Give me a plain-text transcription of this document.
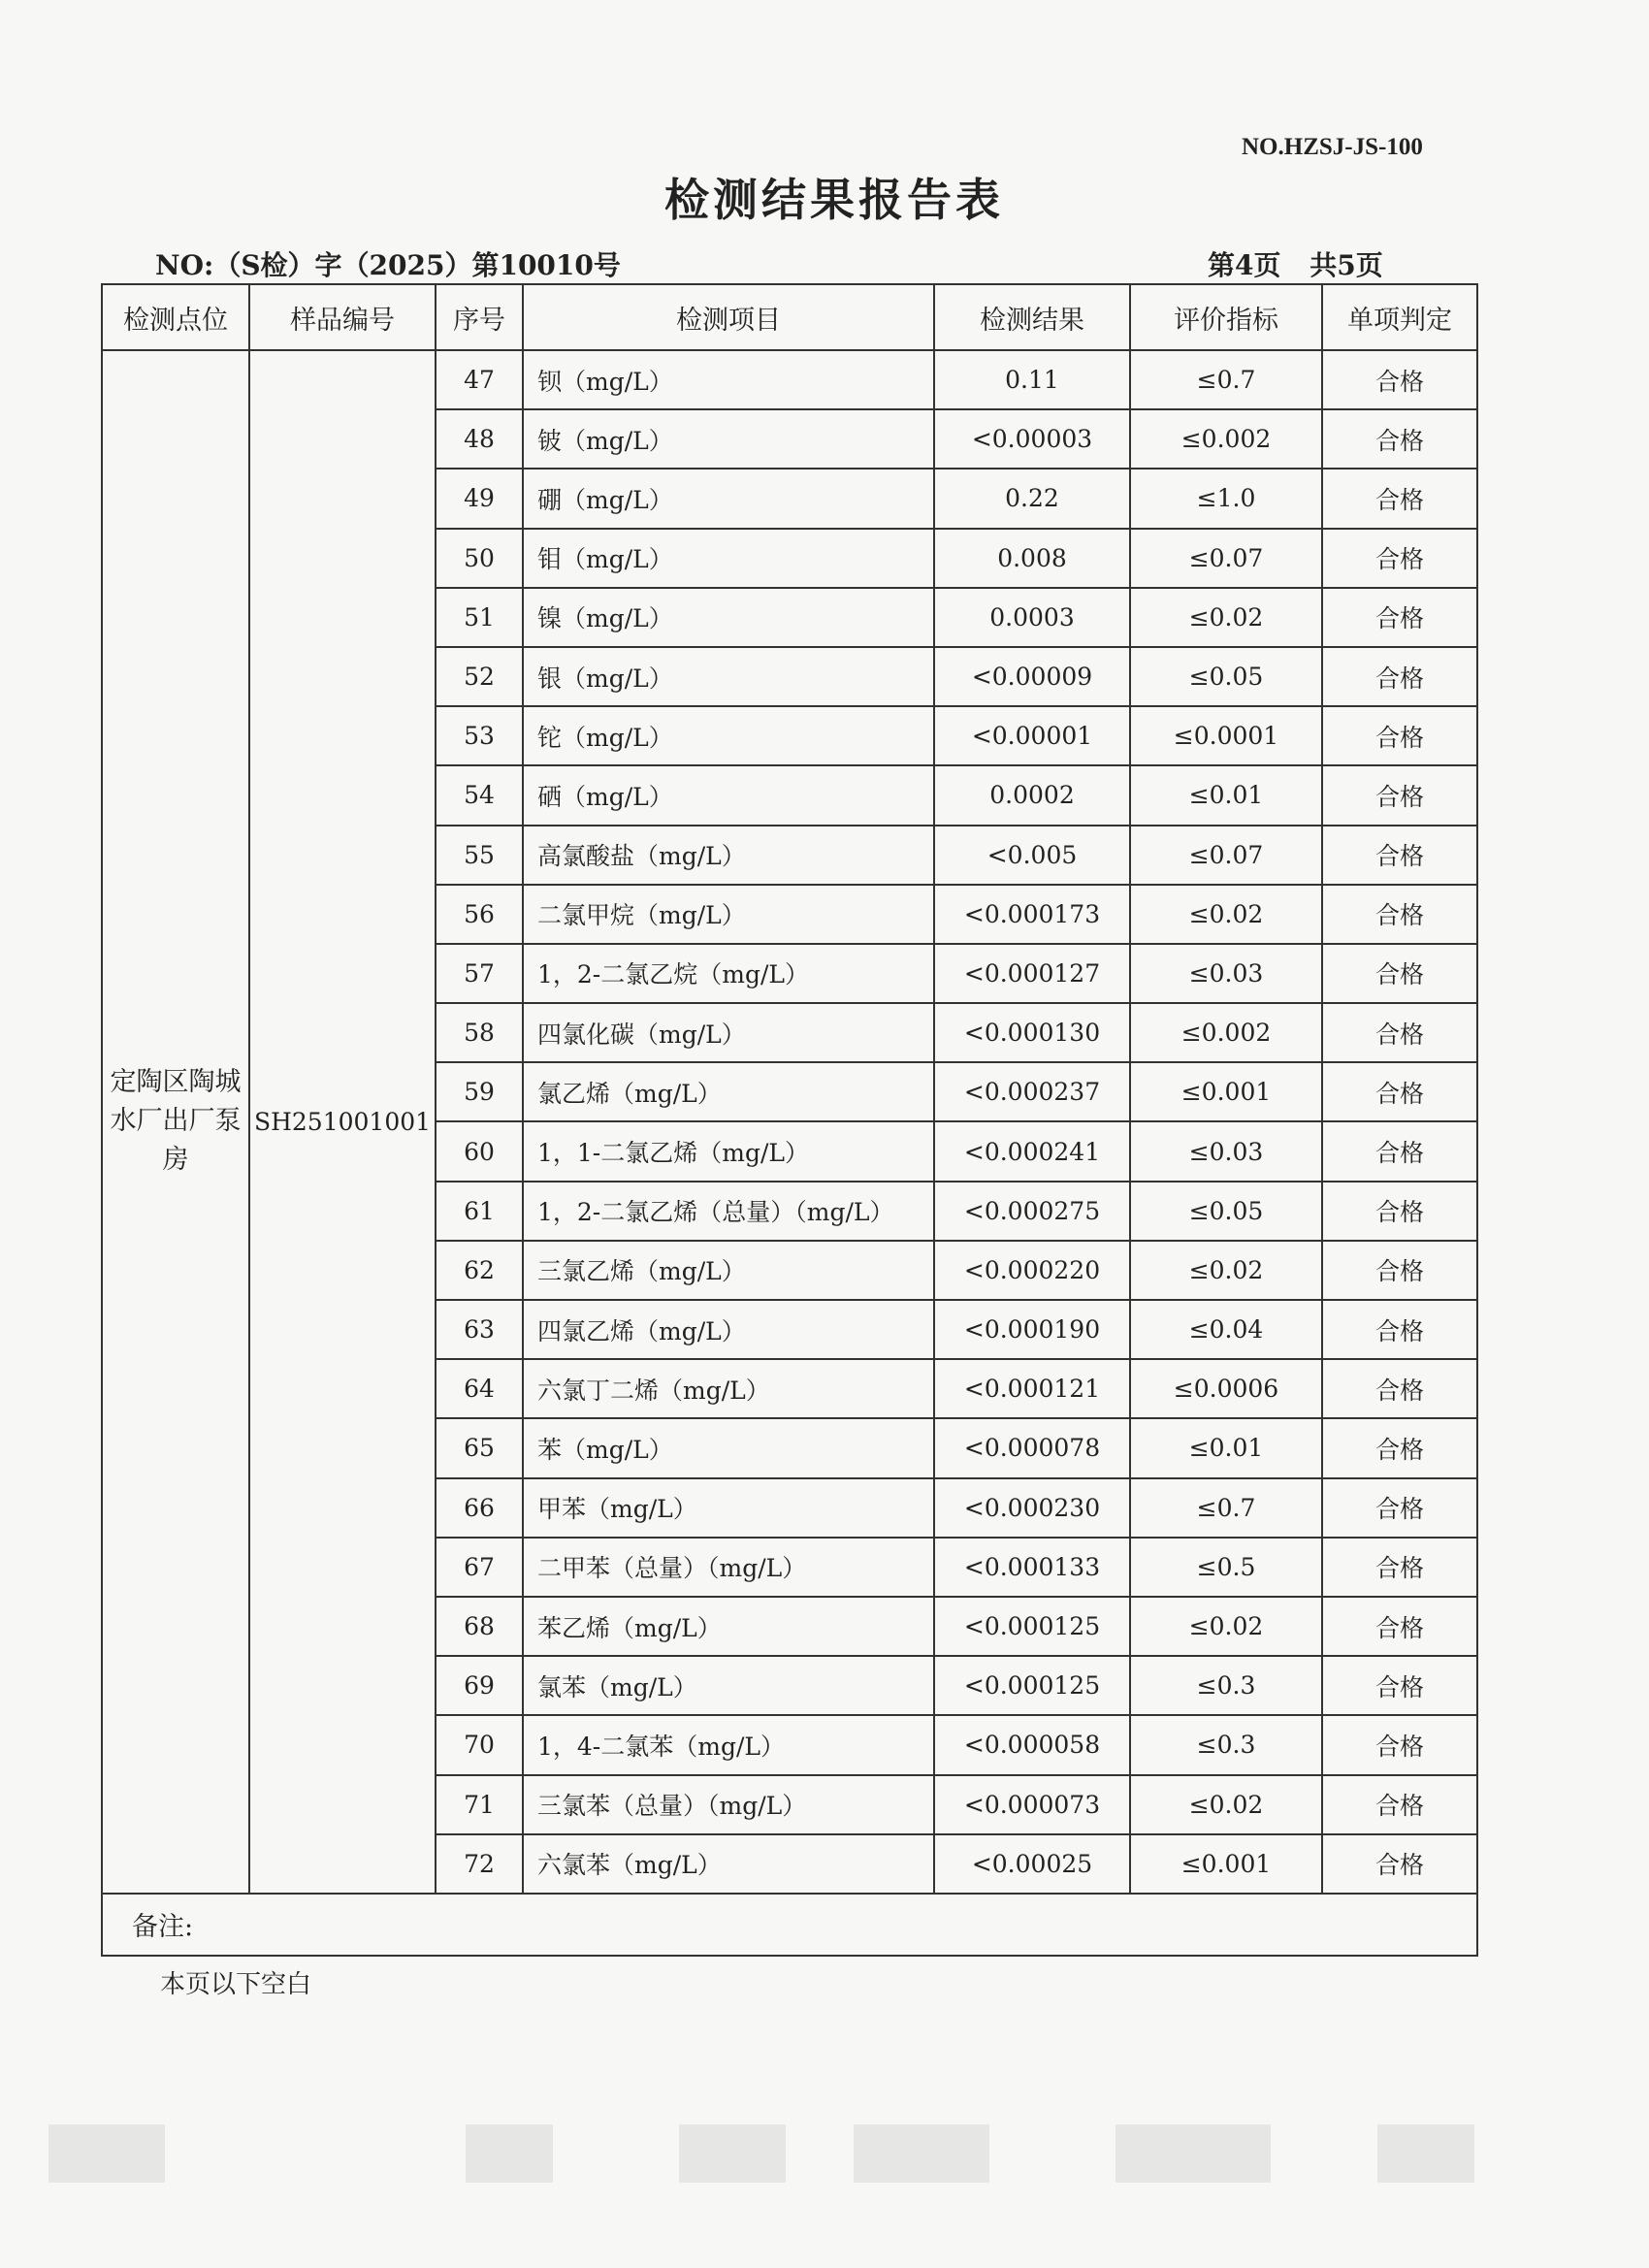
NO.HZSJ-JS-100
检测结果报告表
NO:（S检）字（2025）第10010号	第4页 共5页
检测点位	样品编号	序号	检测项目	检测结果	评价指标	单项判定
定陶区陶城水厂出厂泵房	SH251001001	47	钡（mg/L）	0.11	≤0.7	合格
		48	铍（mg/L）	<0.00003	≤0.002	合格
		49	硼（mg/L）	0.22	≤1.0	合格
		50	钼（mg/L）	0.008	≤0.07	合格
		51	镍（mg/L）	0.0003	≤0.02	合格
		52	银（mg/L）	<0.00009	≤0.05	合格
		53	铊（mg/L）	<0.00001	≤0.0001	合格
		54	硒（mg/L）	0.0002	≤0.01	合格
		55	高氯酸盐（mg/L）	<0.005	≤0.07	合格
		56	二氯甲烷（mg/L）	<0.000173	≤0.02	合格
		57	1，2-二氯乙烷（mg/L）	<0.000127	≤0.03	合格
		58	四氯化碳（mg/L）	<0.000130	≤0.002	合格
		59	氯乙烯（mg/L）	<0.000237	≤0.001	合格
		60	1，1-二氯乙烯（mg/L）	<0.000241	≤0.03	合格
		61	1，2-二氯乙烯（总量）（mg/L）	<0.000275	≤0.05	合格
		62	三氯乙烯（mg/L）	<0.000220	≤0.02	合格
		63	四氯乙烯（mg/L）	<0.000190	≤0.04	合格
		64	六氯丁二烯（mg/L）	<0.000121	≤0.0006	合格
		65	苯（mg/L）	<0.000078	≤0.01	合格
		66	甲苯（mg/L）	<0.000230	≤0.7	合格
		67	二甲苯（总量）（mg/L）	<0.000133	≤0.5	合格
		68	苯乙烯（mg/L）	<0.000125	≤0.02	合格
		69	氯苯（mg/L）	<0.000125	≤0.3	合格
		70	1，4-二氯苯（mg/L）	<0.000058	≤0.3	合格
		71	三氯苯（总量）（mg/L）	<0.000073	≤0.02	合格
		72	六氯苯（mg/L）	<0.00025	≤0.001	合格
备注:						
本页以下空白
